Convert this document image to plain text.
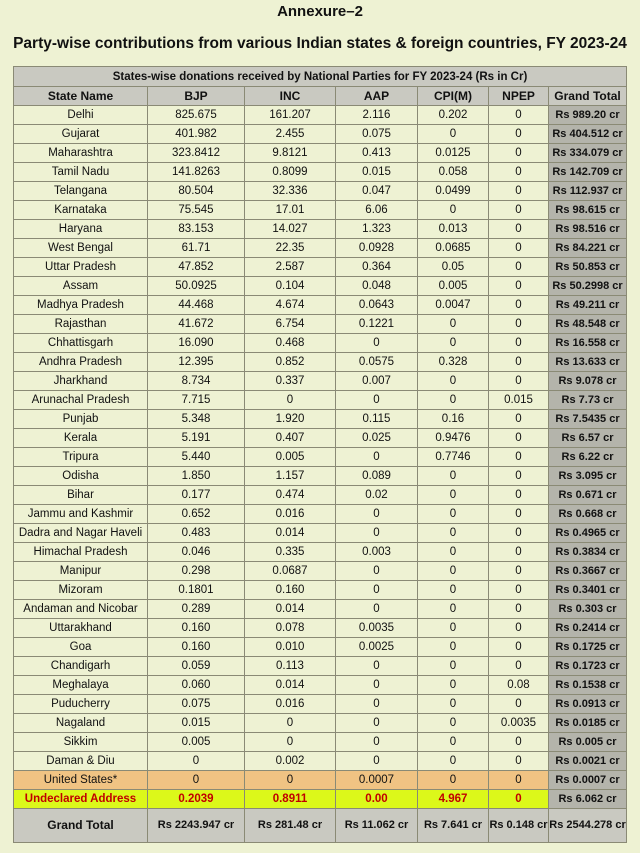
Annexure–2
Party-wise contributions from various Indian states & foreign countries, FY 2023-24
States-wise donations received by National Parties for FY 2023-24 (Rs in Cr)						
State Name	BJP	INC	AAP	CPI(M)	NPEP	Grand Total
Delhi	825.675	161.207	2.116	0.202	0	Rs 989.20 cr
Gujarat	401.982	2.455	0.075	0	0	Rs 404.512 cr
Maharashtra	323.8412	9.8121	0.413	0.0125	0	Rs 334.079 cr
Tamil Nadu	141.8263	0.8099	0.015	0.058	0	Rs 142.709 cr
Telangana	80.504	32.336	0.047	0.0499	0	Rs 112.937 cr
Karnataka	75.545	17.01	6.06	0	0	Rs 98.615 cr
Haryana	83.153	14.027	1.323	0.013	0	Rs 98.516 cr
West Bengal	61.71	22.35	0.0928	0.0685	0	Rs 84.221 cr
Uttar Pradesh	47.852	2.587	0.364	0.05	0	Rs 50.853 cr
Assam	50.0925	0.104	0.048	0.005	0	Rs 50.2998 cr
Madhya Pradesh	44.468	4.674	0.0643	0.0047	0	Rs 49.211 cr
Rajasthan	41.672	6.754	0.1221	0	0	Rs 48.548 cr
Chhattisgarh	16.090	0.468	0	0	0	Rs 16.558 cr
Andhra Pradesh	12.395	0.852	0.0575	0.328	0	Rs 13.633 cr
Jharkhand	8.734	0.337	0.007	0	0	Rs 9.078 cr
Arunachal Pradesh	7.715	0	0	0	0.015	Rs 7.73 cr
Punjab	5.348	1.920	0.115	0.16	0	Rs 7.5435 cr
Kerala	5.191	0.407	0.025	0.9476	0	Rs 6.57 cr
Tripura	5.440	0.005	0	0.7746	0	Rs 6.22 cr
Odisha	1.850	1.157	0.089	0	0	Rs 3.095 cr
Bihar	0.177	0.474	0.02	0	0	Rs 0.671 cr
Jammu and Kashmir	0.652	0.016	0	0	0	Rs 0.668 cr
Dadra and Nagar Haveli	0.483	0.014	0	0	0	Rs 0.4965 cr
Himachal Pradesh	0.046	0.335	0.003	0	0	Rs 0.3834 cr
Manipur	0.298	0.0687	0	0	0	Rs 0.3667 cr
Mizoram	0.1801	0.160	0	0	0	Rs 0.3401 cr
Andaman and Nicobar	0.289	0.014	0	0	0	Rs 0.303 cr
Uttarakhand	0.160	0.078	0.0035	0	0	Rs 0.2414 cr
Goa	0.160	0.010	0.0025	0	0	Rs 0.1725 cr
Chandigarh	0.059	0.113	0	0	0	Rs 0.1723 cr
Meghalaya	0.060	0.014	0	0	0.08	Rs 0.1538 cr
Puducherry	0.075	0.016	0	0	0	Rs 0.0913 cr
Nagaland	0.015	0	0	0	0.0035	Rs 0.0185 cr
Sikkim	0.005	0	0	0	0	Rs 0.005 cr
Daman & Diu	0	0.002	0	0	0	Rs 0.0021 cr
United States*	0	0	0.0007	0	0	Rs 0.0007 cr
Undeclared Address	0.2039	0.8911	0.00	4.967	0	Rs 6.062 cr
Grand Total	Rs 2243.947 cr	Rs 281.48 cr	Rs 11.062 cr	Rs 7.641 cr	Rs 0.148 cr	Rs 2544.278 cr
